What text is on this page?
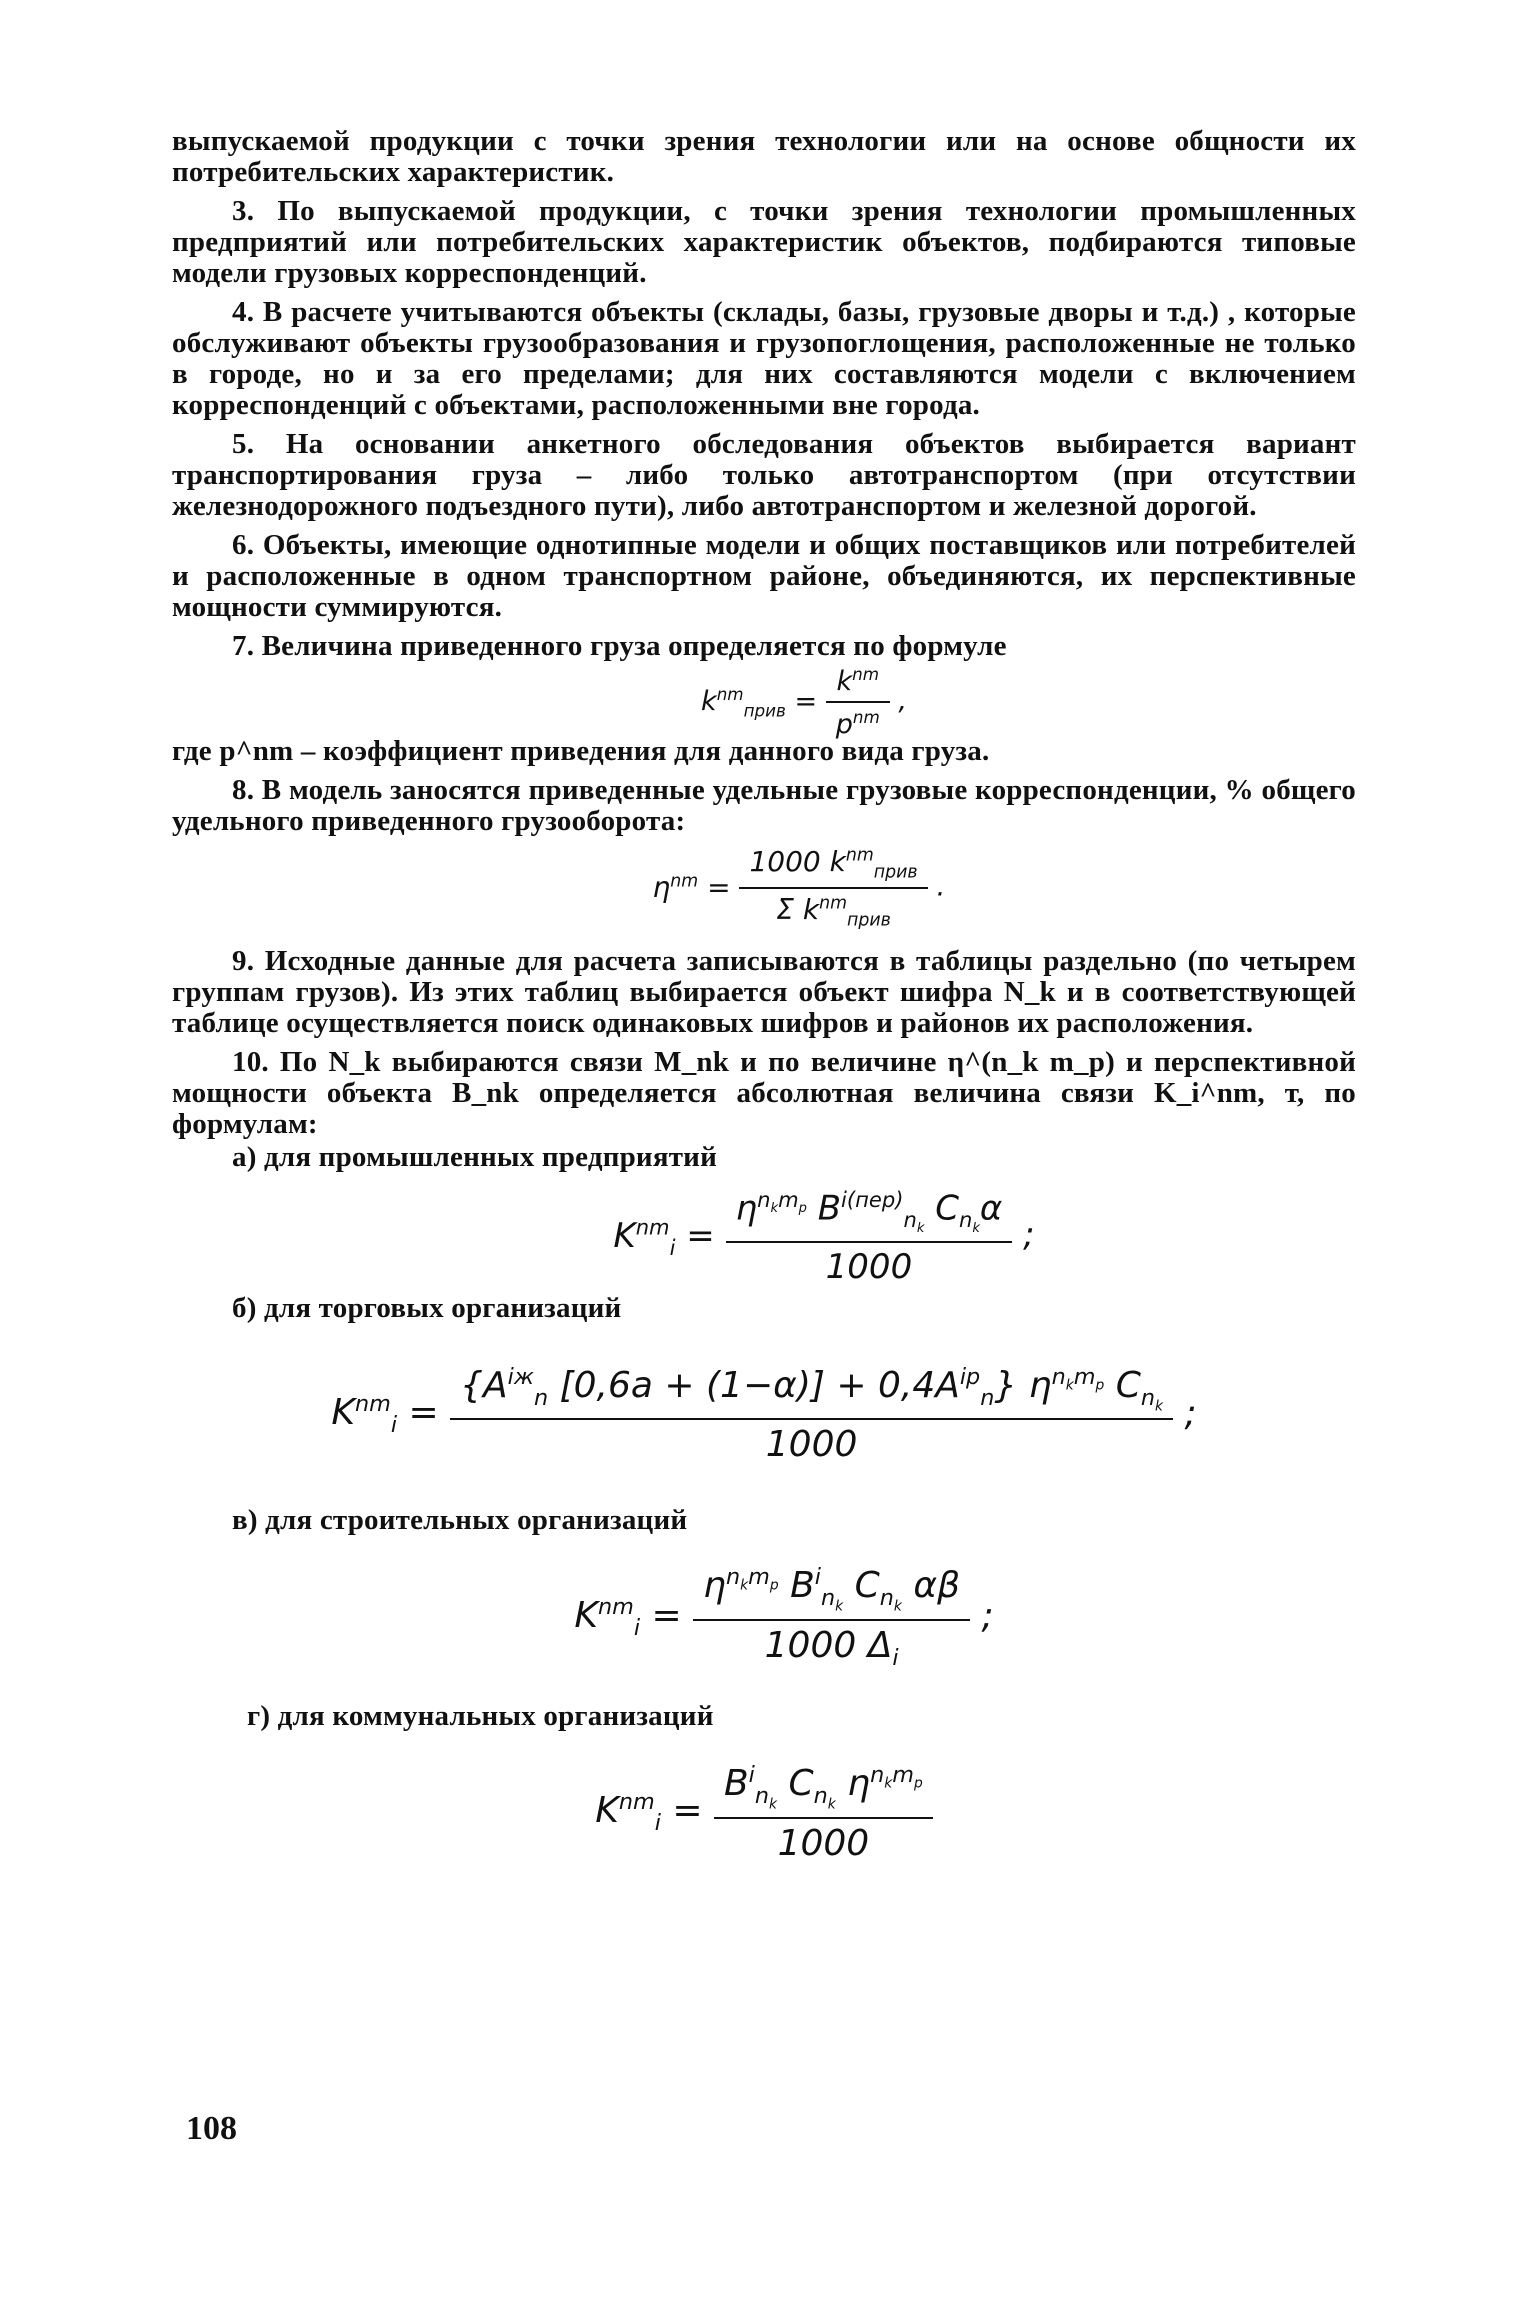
выпускаемой продукции с точки зрения технологии или на основе общности их потребительских характеристик.

3. По выпускаемой продукции, с точки зрения технологии промышленных предприятий или потребительских характеристик объектов, подбираются типовые модели грузовых корреспонденций.

4. В расчете учитываются объекты (склады, базы, грузовые дворы и т.д.) , которые обслуживают объекты грузообразования и грузопоглощения, расположенные не только в городе, но и за его пределами; для них составляются модели с включением корреспонденций с объектами, расположенными вне города.

5. На основании анкетного обследования объектов выбирается вариант транспортирования груза – либо только автотранспортом (при отсутствии железнодорожного подъездного пути), либо автотранспортом и железной дорогой.

6. Объекты, имеющие однотипные модели и общих поставщиков или потребителей и расположенные в одном транспортном районе, объединяются, их перспективные мощности суммируются.

7. Величина приведенного груза определяется по формуле

$k^{nm}_{прив} = \frac{k^{nm}}{p^{nm}}$ ,

где p^nm – коэффициент приведения для данного вида груза.

8. В модель заносятся приведенные удельные грузовые корреспонденции, % общего удельного приведенного грузооборота:

$\eta^{nm} = \frac{1000 k^{nm}_{прив}}{\Sigma k^{nm}_{прив}}$ .

9. Исходные данные для расчета записываются в таблицы раздельно (по четырем группам грузов). Из этих таблиц выбирается объект шифра N_k и в соответствующей таблице осуществляется поиск одинаковых шифров и районов их расположения.

10. По N_k выбираются связи M_nk и по величине η^(n_k m_p) и перспективной мощности объекта B_nk определяется абсолютная величина связи K_i^nm, т, по формулам:

а) для промышленных предприятий

$K^{nm}_i = \frac{\eta^{n_km_p} B^{i(пер)}_{n_k} C_{n_k}\alpha}{1000}$ ;

б) для торговых организаций

$K^{nm}_i = \frac{\{A^{iж}_n [0,6a + (1-\alpha)] + 0,4A^{iр}_n\} \eta^{n_km_p} C_{n_k}}{1000}$ ;

в) для строительных организаций

$K^{nm}_i = \frac{\eta^{n_km_p} B^i_{n_k} C_{n_k} \alpha\beta}{1000 \Delta_i}$ ;

г) для коммунальных организаций

$K^{nm}_i = \frac{B^i_{n_k} C_{n_k} \eta^{n_km_p}}{1000}$
108
